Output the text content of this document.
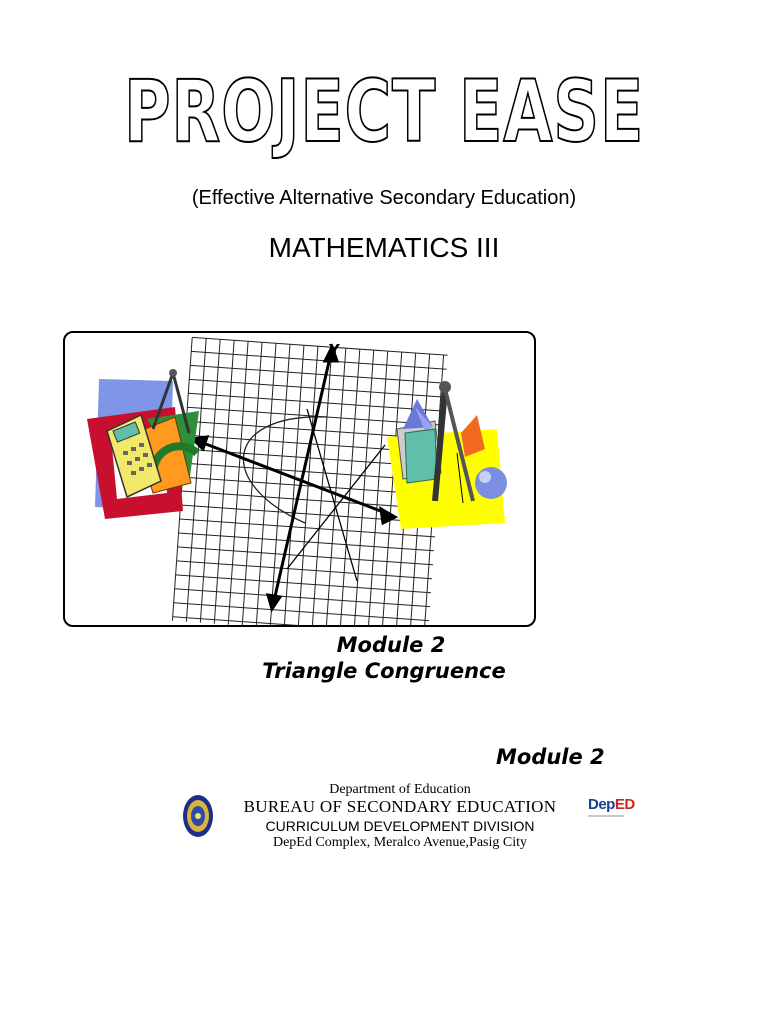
PROJECT EASE
(Effective Alternative Secondary Education)
MATHEMATICS III
Y
Module 2
Triangle Congruence
Module 2
Department of Education
BUREAU OF SECONDARY EDUCATION
CURRICULUM DEVELOPMENT DIVISION
DepEd Complex, Meralco Avenue,Pasig City
DepED
